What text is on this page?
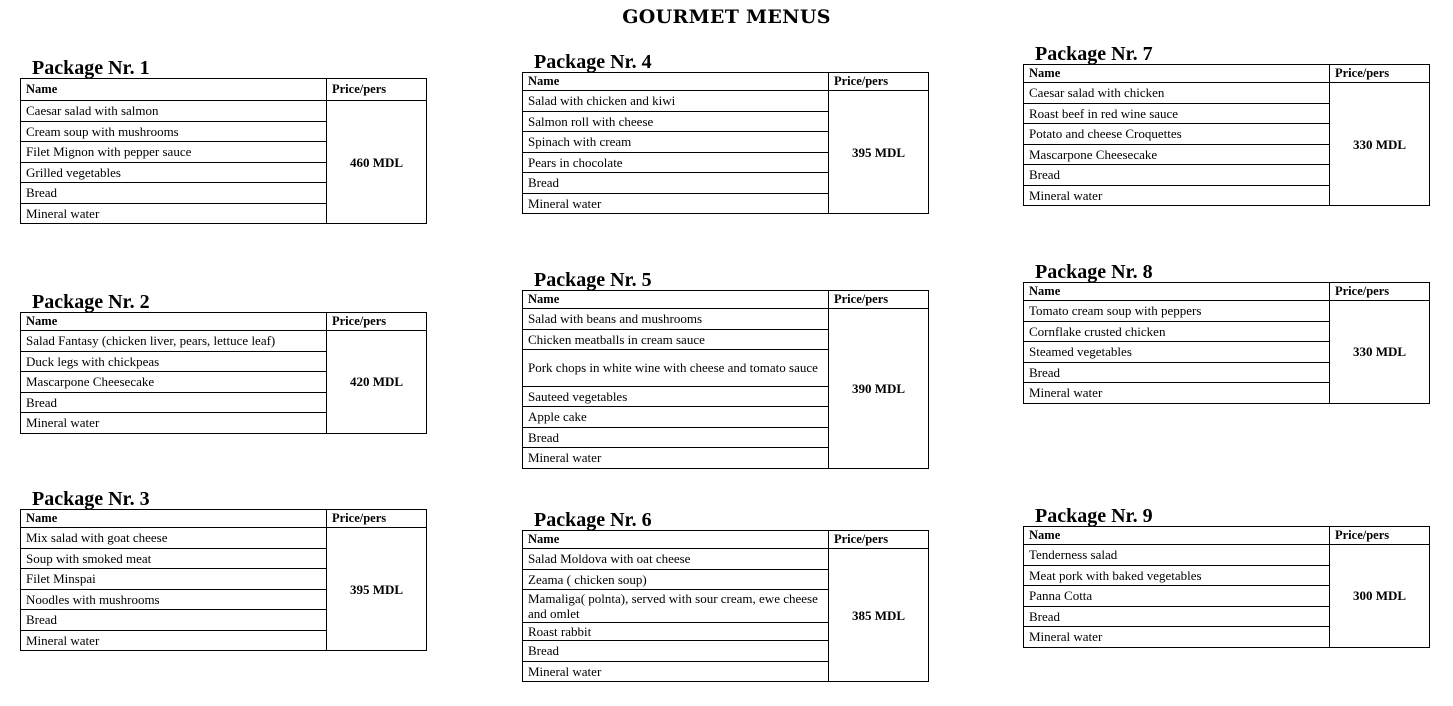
GOURMET MENUS
Package Nr. 1
Name	Price/pers
Caesar salad with salmon	460 MDL
Cream soup with mushrooms	
Filet Mignon with pepper sauce	
Grilled vegetables	
Bread	
Mineral water	
Package Nr. 2
Name	Price/pers
Salad Fantasy (chicken liver, pears, lettuce leaf)	420 MDL
Duck legs with chickpeas	
Mascarpone Cheesecake	
Bread	
Mineral water	
Package Nr. 3
Name	Price/pers
Mix salad with goat cheese	395 MDL
Soup with smoked meat	
Filet Minspai	
Noodles with mushrooms	
Bread	
Mineral water	
Package Nr. 4
Name	Price/pers
Salad with chicken and kiwi	395 MDL
Salmon roll with cheese	
Spinach with cream	
Pears in chocolate	
Bread	
Mineral water	
Package Nr. 5
Name	Price/pers
Salad with beans and mushrooms	390 MDL
Chicken meatballs in cream sauce	
Pork chops in white wine with cheese and tomato sauce	
Sauteed vegetables	
Apple cake	
Bread	
Mineral water	
Package Nr. 6
Name	Price/pers
Salad Moldova with oat cheese	385 MDL
Zeama ( chicken soup)	
Mamaliga( polnta), served with sour cream, ewe cheese and omlet	
Roast rabbit	
Bread	
Mineral water	
Package Nr. 7
Name	Price/pers
Caesar salad with chicken	330 MDL
Roast beef in red wine sauce	
Potato and cheese Croquettes	
Mascarpone Cheesecake	
Bread	
Mineral water	
Package Nr. 8
Name	Price/pers
Tomato cream soup with peppers	330 MDL
Cornflake crusted chicken	
Steamed vegetables	
Bread	
Mineral water	
Package Nr. 9
Name	Price/pers
Tenderness salad	300 MDL
Meat pork with baked vegetables	
Panna Cotta	
Bread	
Mineral water	
